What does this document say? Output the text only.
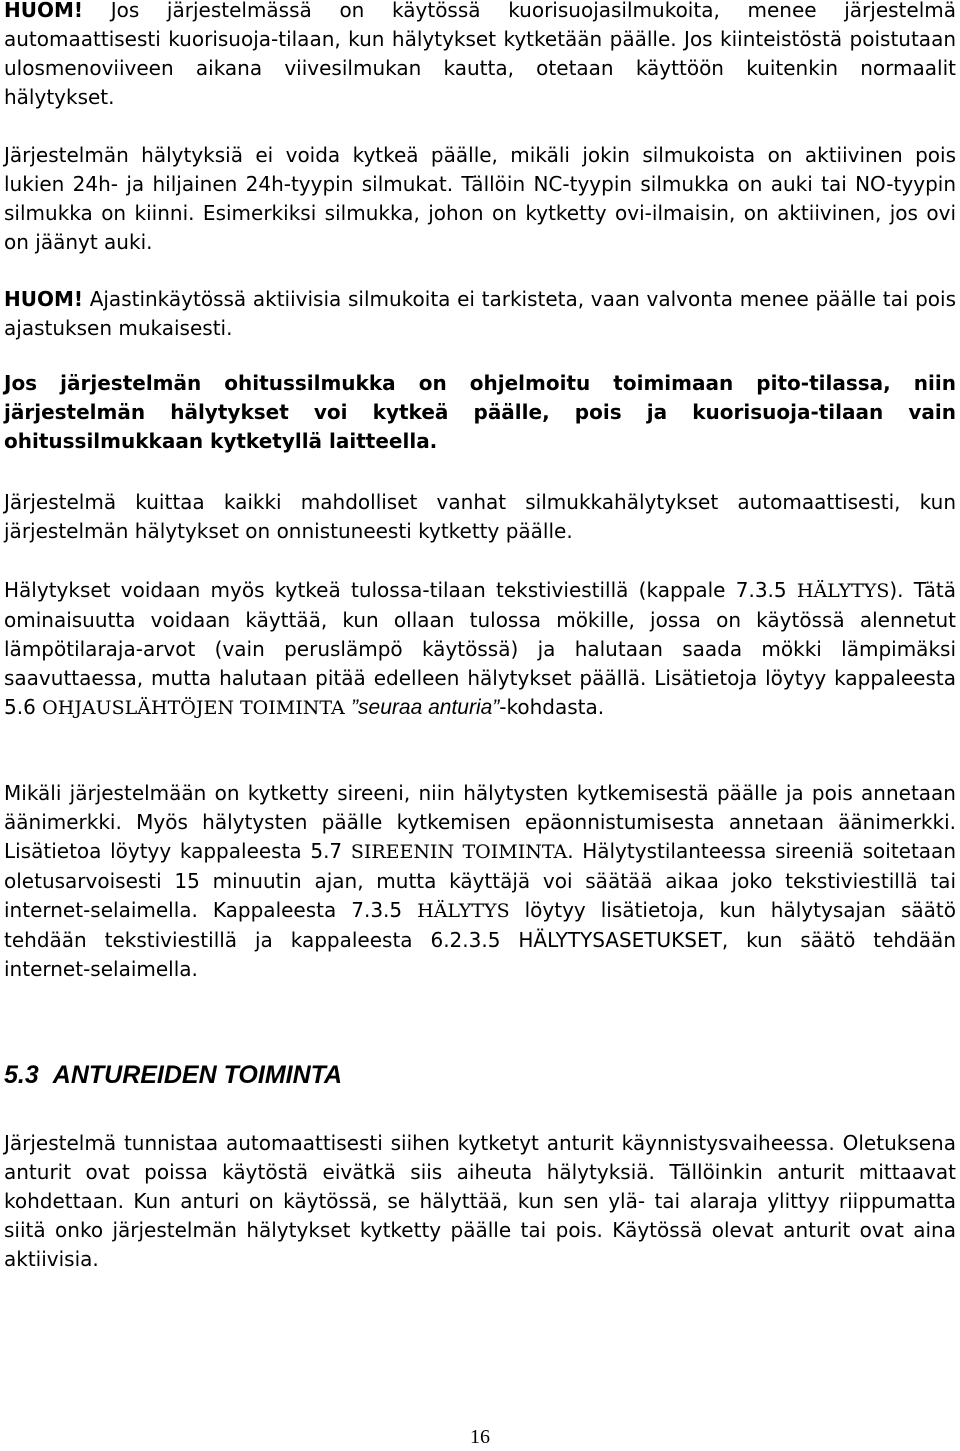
HUOM! Jos järjestelmässä on käytössä kuorisuojasilmukoita, menee järjestelmä automaattisesti kuorisuoja-tilaan, kun hälytykset kytketään päälle. Jos kiinteistöstä poistutaan ulosmenoviiveen aikana viivesilmukan kautta, otetaan käyttöön kuitenkin normaalit hälytykset.

Järjestelmän hälytyksiä ei voida kytkeä päälle, mikäli jokin silmukoista on aktiivinen pois lukien 24h- ja hiljainen 24h-tyypin silmukat. Tällöin NC-tyypin silmukka on auki tai NO-tyypin silmukka on kiinni. Esimerkiksi silmukka, johon on kytketty ovi-ilmaisin, on aktiivinen, jos ovi on jäänyt auki.

HUOM! Ajastinkäytössä aktiivisia silmukoita ei tarkisteta, vaan valvonta menee päälle tai pois ajastuksen mukaisesti.

Jos järjestelmän ohitussilmukka on ohjelmoitu toimimaan pito-tilassa, niin järjestelmän hälytykset voi kytkeä päälle, pois ja kuorisuoja-tilaan vain ohitussilmukkaan kytketyllä laitteella.

Järjestelmä kuittaa kaikki mahdolliset vanhat silmukkahälytykset automaattisesti, kun järjestelmän hälytykset on onnistuneesti kytketty päälle.

Hälytykset voidaan myös kytkeä tulossa-tilaan tekstiviestillä (kappale 7.3.5 HÄLYTYS). Tätä ominaisuutta voidaan käyttää, kun ollaan tulossa mökille, jossa on käytössä alennetut lämpötilaraja-arvot (vain peruslämpö käytössä) ja halutaan saada mökki lämpimäksi saavuttaessa, mutta halutaan pitää edelleen hälytykset päällä. Lisätietoja löytyy kappaleesta 5.6 OHJAUSLÄHTÖJEN TOIMINTA ”seuraa anturia”-kohdasta.

Mikäli järjestelmään on kytketty sireeni, niin hälytysten kytkemisestä päälle ja pois annetaan äänimerkki. Myös hälytysten päälle kytkemisen epäonnistumisesta annetaan äänimerkki. Lisätietoa löytyy kappaleesta 5.7 SIREENIN TOIMINTA. Hälytystilanteessa sireeniä soitetaan oletusarvoisesti 15 minuutin ajan, mutta käyttäjä voi säätää aikaa joko tekstiviestillä tai internet-selaimella. Kappaleesta 7.3.5 HÄLYTYS löytyy lisätietoja, kun hälytysajan säätö tehdään tekstiviestillä ja kappaleesta 6.2.3.5 HÄLYTYSASETUKSET, kun säätö tehdään internet-selaimella.

5.3 ANTUREIDEN TOIMINTA

Järjestelmä tunnistaa automaattisesti siihen kytketyt anturit käynnistysvaiheessa. Oletuksena anturit ovat poissa käytöstä eivätkä siis aiheuta hälytyksiä. Tällöinkin anturit mittaavat kohdettaan. Kun anturi on käytössä, se hälyttää, kun sen ylä- tai alaraja ylittyy riippumatta siitä onko järjestelmän hälytykset kytketty päälle tai pois. Käytössä olevat anturit ovat aina aktiivisia.

16
